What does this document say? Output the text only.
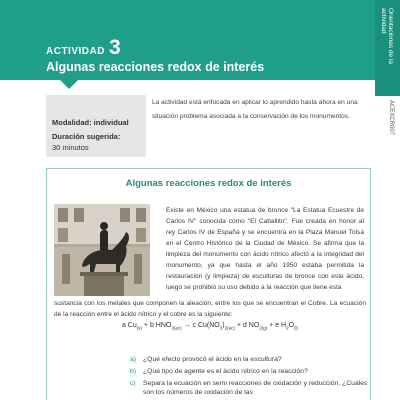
ACTIVIDAD 3
Algunas reacciones redox de interés
Orientaciones de la actividad
ACEXCR007
Modalidad: individual
Duración sugerida:
30 minutos
La actividad está enfocada en aplicar lo aprendido hasta ahora en una situación problema asociada a la conservación de los monumentos.
Algunas reacciones redox de interés
Existe en México una estatua de bronce "La Estatua Ecuestre de Carlos IV" conocida como "El Caballito". Fue creada en honor al rey Carlos IV de España y se encuentra en la Plaza Manuel Tolsá en el Centro Histórico de la Ciudad de México. Se afirma que la limpieza del monumento con ácido nítrico afectó a la integridad del monumento, ya que hasta el año 1950 estaba permitida la restauración (y limpieza) de esculturas de bronce con este ácido, luego se prohibió su uso debido a la reacción que tiene esta
sustancia con los metales que componen la aleación, entre los que se encuentran el Cobre. La ecuación de la reacción entre el ácido nítrico y el cobre es la siguiente:
a $Cu_{(s)} + b$ $HNO_{3(ac)} \to c$ $Cu(NO_3)_{2(ac)} + d$ $NO_{2(g)} + e$ $H_2O_{(l)}$
a)	¿Qué efecto provocó el ácido en la escultura?
b)	¿Qué tipo de agente es el ácido nítrico en la reacción?
c)	Separa la ecuación en semi reacciones de oxidación y reducción. ¿Cuáles son los números de oxidación de las
